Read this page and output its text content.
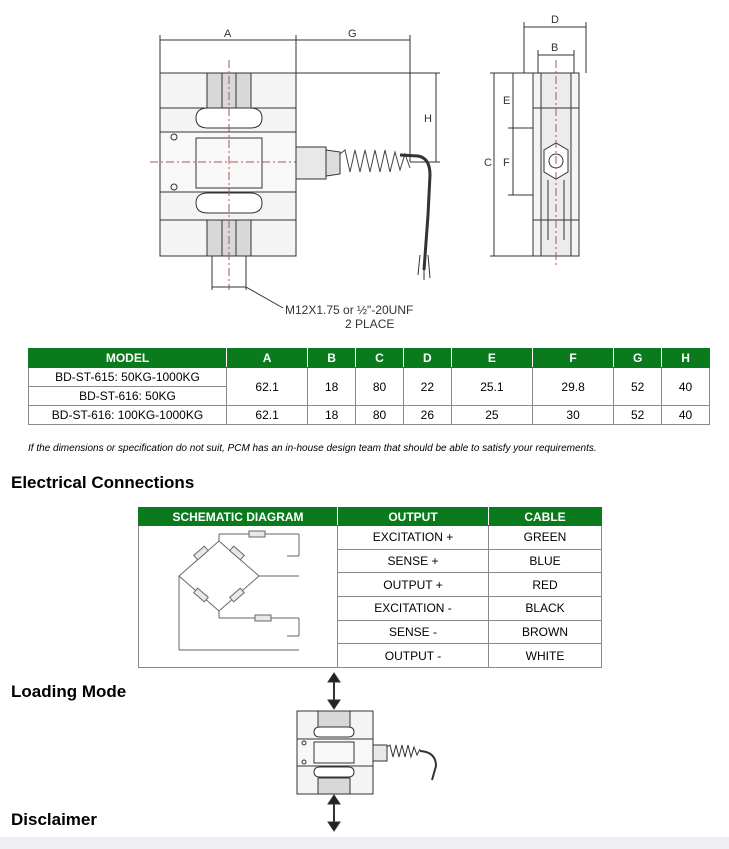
A	G
H
D
B
E
F
C
M12X1.75 or ½"-20UNF
2 PLACE
MODEL	A	B	C	D	E	F	G	H
BD-ST-615: 50KG-1000KG	62.1	18	80	22	25.1	29.8	52	40
BD-ST-616: 50KG								
BD-ST-616: 100KG-1000KG	62.1	18	80	26	25	30	52	40
If the dimensions or specification do not suit, PCM has an in-house design team that should be able to satisfy your requirements.
Electrical Connections
SCHEMATIC DIAGRAM	OUTPUT	CABLE
	EXCITATION +	GREEN
	SENSE +	BLUE
	OUTPUT +	RED
	EXCITATION -	BLACK
	SENSE -	BROWN
	OUTPUT -	WHITE
Loading Mode
Disclaimer
